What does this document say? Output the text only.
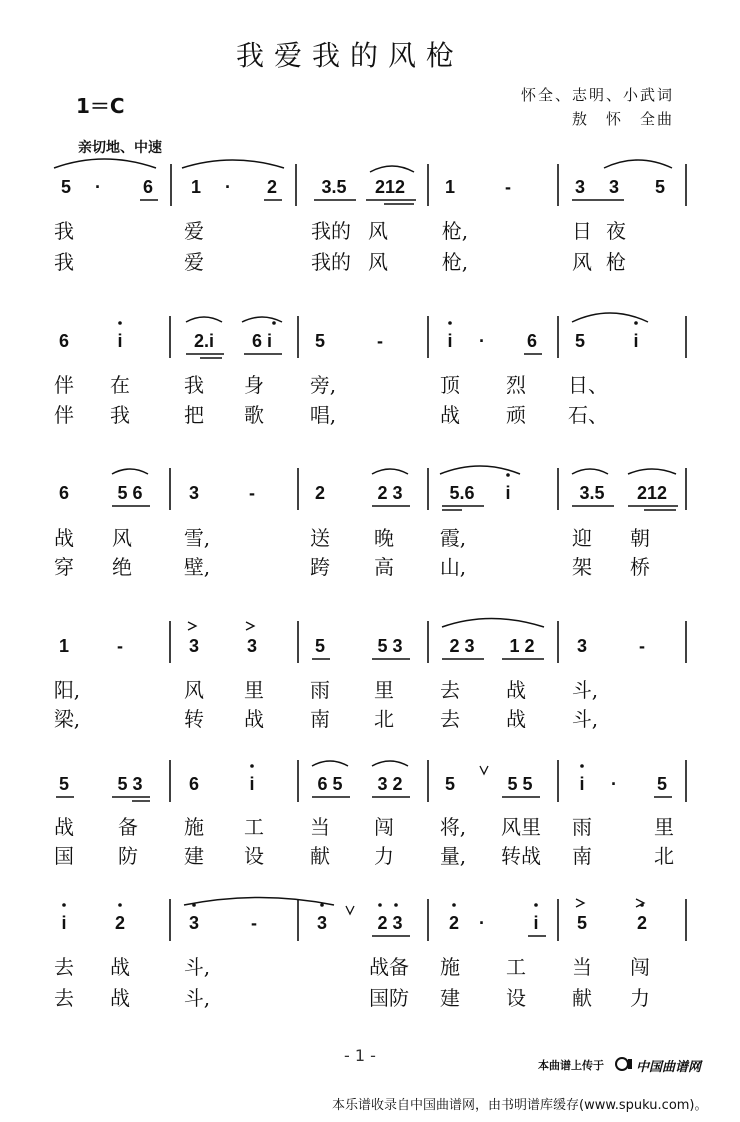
我爱我的风枪
1＝C	怀全、志明、小武词
敖　怀　全曲
亲切地、中速
5	·	6 1	·	2	3.5	212	1	-	3 3 5
我	爱	我的 风	枪,	日 夜
我	爱	我的 风	枪,	风 枪
6	i	2.i	6 i	5	-	i	·	6 5	i
伴 在	我 身 旁,	顶 烈 日、
伴 我	把 歌 唱,	战 顽 石、
6	5 6	3	-	2	2 3	5.6	i	3.5	212
战 风	雪,	送 晚 霞,	迎 朝
穿 绝	壁,	跨 高 山,	架 桥
1	-	3	3	5	5 3	2 3	1 2	3	-
阳,	风 里 雨 里 去 战 斗,
梁,	转 战 南 北 去 战 斗,
5	5 3	6	i	6 5	3 2	5	5 5	i	·	5
战 备 施 工 当 闯 将, 风里 雨	里
国 防 建 设 献 力 量, 转战 南	北
i	2	3	-	3	2 3	2	·	i	5	2
去 战	斗,	战备 施 工 当 闯
去 战	斗,	国防 建 设 献 力
- 1 -
本曲谱上传于 中国曲谱网
本乐谱收录自中国曲谱网，由书明谱库缓存(www.spuku.com)。
